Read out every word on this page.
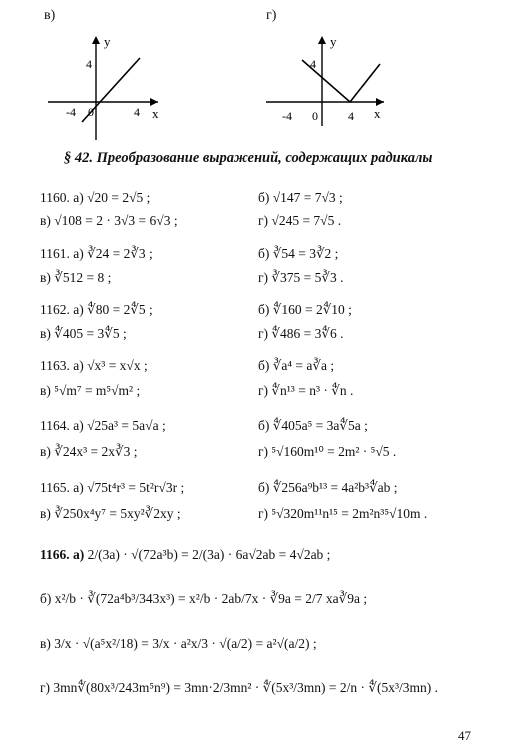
в)
y
x
4
-4	4
0
г)
y
x
4
-4	4
0
§ 42. Преобразование выражений, содержащих радикалы
1160. а) √20 = 2√5 ;	б) √147 = 7√3 ;
в) √108 = 2 · 3√3 = 6√3 ;	г) √245 = 7√5 .
1161. а) ∛24 = 2∛3 ;	б) ∛54 = 3∛2 ;
в) ∛512 = 8 ;	г) ∛375 = 5∛3 .
1162. а) ∜80 = 2∜5 ;	б) ∜160 = 2∜10 ;
в) ∜405 = 3∜5 ;	г) ∜486 = 3∜6 .
1163. а) √x³ = x√x ;	б) ∛a⁴ = a∛a ;
в) ⁵√m⁷ = m⁵√m² ;	г) ∜n¹³ = n³ · ∜n .
1164. а) √25a³ = 5a√a ;	б) ∜405a⁵ = 3a∜5a ;
в) ∛24x³ = 2x∛3 ;	г) ⁵√160m¹⁰ = 2m² · ⁵√5 .
1165. а) √75t⁴r³ = 5t²r√3r ;	б) ∜256a⁹b¹³ = 4a²b³∜ab ;
в) ∛250x⁴y⁷ = 5xy²∛2xy ;	г) ⁵√320m¹¹n¹⁵ = 2m²n³⁵√10m .
1166. а) 2/(3a) · √(72a³b) = 2/(3a) · 6a√2ab = 4√2ab ;
б) x²/b · ∛(72a⁴b³/343x³) = x²/b · 2ab/7x · ∛9a = 2/7 xa∛9a ;
в) 3/x · √(a⁵x²/18) = 3/x · a²x/3 · √(a/2) = a²√(a/2) ;
г) 3mn∜(80x³/243m⁵n⁹) = 3mn·2/3mn² · ∜(5x³/3mn) = 2/n · ∜(5x³/3mn) .
47
